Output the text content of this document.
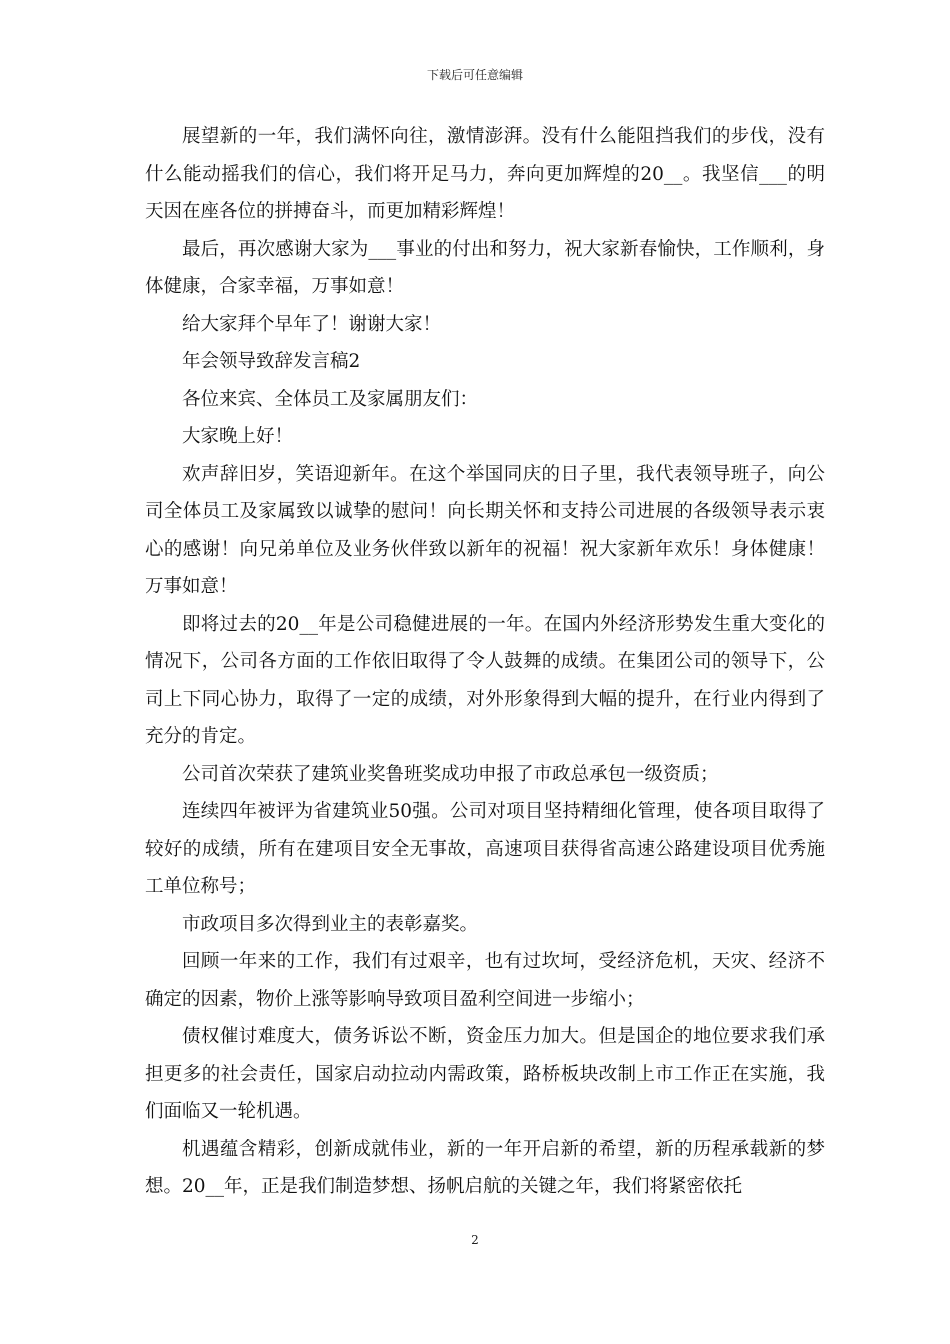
下载后可任意编辑

展望新的一年，我们满怀向往，激情澎湃。没有什么能阻挡我们的步伐，没有什么能动摇我们的信心，我们将开足马力，奔向更加辉煌的20__。我坚信___的明天因在座各位的拼搏奋斗，而更加精彩辉煌！

最后，再次感谢大家为___事业的付出和努力，祝大家新春愉快，工作顺利，身体健康，合家幸福，万事如意！

给大家拜个早年了！谢谢大家！

年会领导致辞发言稿2

各位来宾、全体员工及家属朋友们：

大家晚上好！

欢声辞旧岁，笑语迎新年。在这个举国同庆的日子里，我代表领导班子，向公司全体员工及家属致以诚挚的慰问！向长期关怀和支持公司进展的各级领导表示衷心的感谢！向兄弟单位及业务伙伴致以新年的祝福！祝大家新年欢乐！身体健康！万事如意！

即将过去的20__年是公司稳健进展的一年。在国内外经济形势发生重大变化的情况下，公司各方面的工作依旧取得了令人鼓舞的成绩。在集团公司的领导下，公司上下同心协力，取得了一定的成绩，对外形象得到大幅的提升，在行业内得到了充分的肯定。

公司首次荣获了建筑业奖鲁班奖成功申报了市政总承包一级资质；

连续四年被评为省建筑业50强。公司对项目坚持精细化管理，使各项目取得了较好的成绩，所有在建项目安全无事故，高速项目获得省高速公路建设项目优秀施工单位称号；

市政项目多次得到业主的表彰嘉奖。

回顾一年来的工作，我们有过艰辛，也有过坎坷，受经济危机，天灾、经济不确定的因素，物价上涨等影响导致项目盈利空间进一步缩小；

债权催讨难度大，债务诉讼不断，资金压力加大。但是国企的地位要求我们承担更多的社会责任，国家启动拉动内需政策，路桥板块改制上市工作正在实施，我们面临又一轮机遇。

机遇蕴含精彩，创新成就伟业，新的一年开启新的希望，新的历程承载新的梦想。20__年，正是我们制造梦想、扬帆启航的关键之年，我们将紧密依托

2
